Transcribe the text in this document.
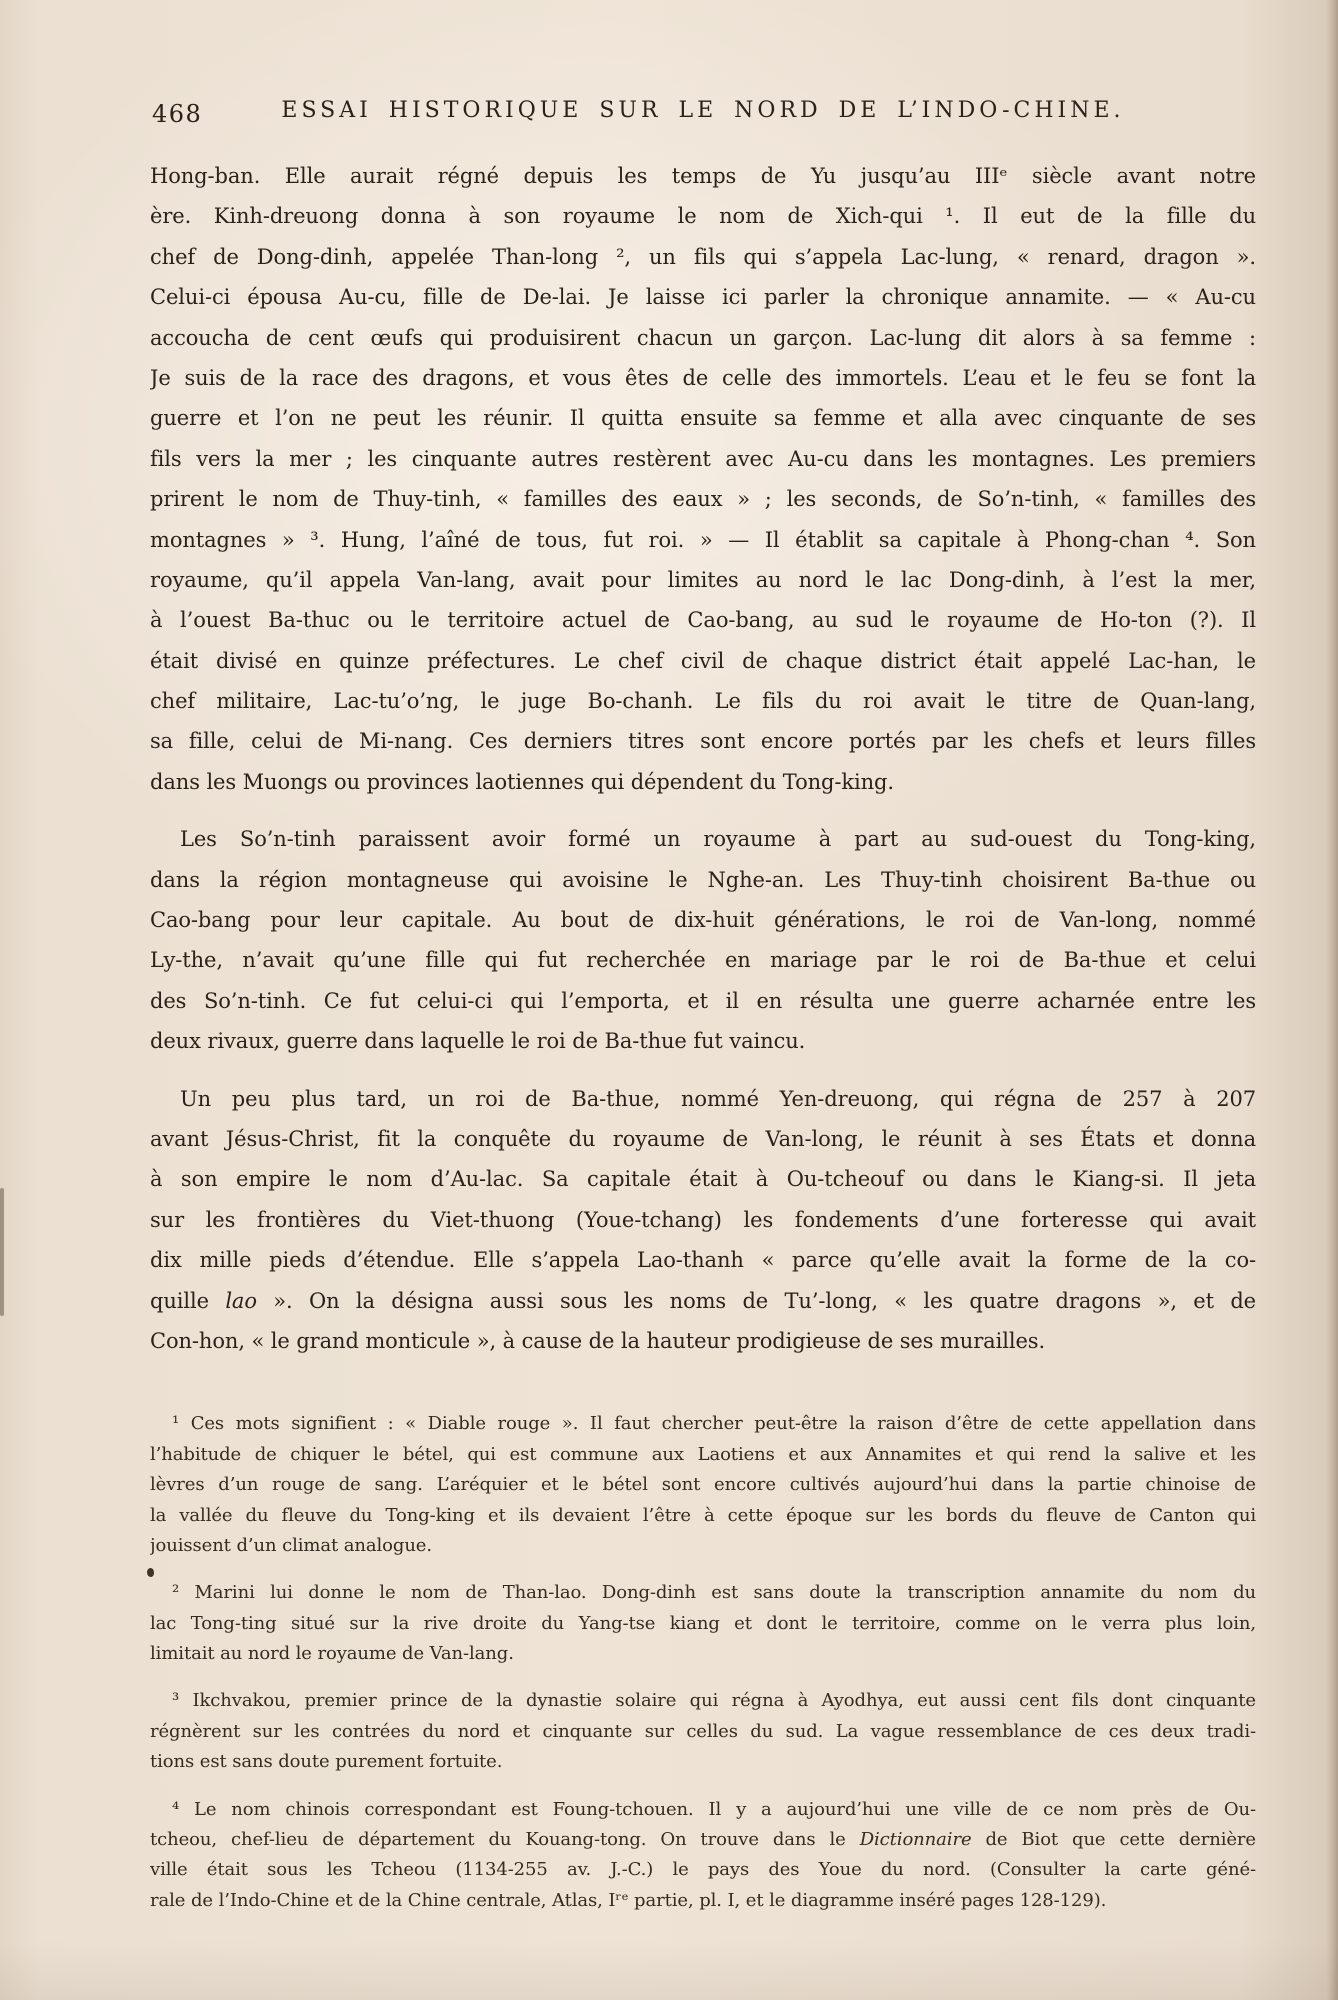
468	ESSAI HISTORIQUE SUR LE NORD DE L’INDO-CHINE.
Hong-ban. Elle aurait régné depuis les temps de Yu jusqu’au IIIᵉ siècle avant notre
ère. Kinh-dreuong donna à son royaume le nom de Xich-qui ¹. Il eut de la fille du
chef de Dong-dinh, appelée Than-long ², un fils qui s’appela Lac-lung, « renard, dragon ».
Celui-ci épousa Au-cu, fille de De-lai. Je laisse ici parler la chronique annamite. — « Au-cu
accoucha de cent œufs qui produisirent chacun un garçon. Lac-lung dit alors à sa femme :
Je suis de la race des dragons, et vous êtes de celle des immortels. L’eau et le feu se font la
guerre et l’on ne peut les réunir. Il quitta ensuite sa femme et alla avec cinquante de ses
fils vers la mer ; les cinquante autres restèrent avec Au-cu dans les montagnes. Les premiers
prirent le nom de Thuy-tinh, « familles des eaux » ; les seconds, de So’n-tinh, « familles des
montagnes » ³. Hung, l’aîné de tous, fut roi. » — Il établit sa capitale à Phong-chan ⁴. Son
royaume, qu’il appela Van-lang, avait pour limites au nord le lac Dong-dinh, à l’est la mer,
à l’ouest Ba-thuc ou le territoire actuel de Cao-bang, au sud le royaume de Ho-ton (?). Il
était divisé en quinze préfectures. Le chef civil de chaque district était appelé Lac-han, le
chef militaire, Lac-tu’o’ng, le juge Bo-chanh. Le fils du roi avait le titre de Quan-lang,
sa fille, celui de Mi-nang. Ces derniers titres sont encore portés par les chefs et leurs filles
dans les Muongs ou provinces laotiennes qui dépendent du Tong-king.
Les So’n-tinh paraissent avoir formé un royaume à part au sud-ouest du Tong-king,
dans la région montagneuse qui avoisine le Nghe-an. Les Thuy-tinh choisirent Ba-thue ou
Cao-bang pour leur capitale. Au bout de dix-huit générations, le roi de Van-long, nommé
Ly-the, n’avait qu’une fille qui fut recherchée en mariage par le roi de Ba-thue et celui
des So’n-tinh. Ce fut celui-ci qui l’emporta, et il en résulta une guerre acharnée entre les
deux rivaux, guerre dans laquelle le roi de Ba-thue fut vaincu.
Un peu plus tard, un roi de Ba-thue, nommé Yen-dreuong, qui régna de 257 à 207
avant Jésus-Christ, fit la conquête du royaume de Van-long, le réunit à ses États et donna
à son empire le nom d’Au-lac. Sa capitale était à Ou-tcheouf ou dans le Kiang-si. Il jeta
sur les frontières du Viet-thuong (Youe-tchang) les fondements d’une forteresse qui avait
dix mille pieds d’étendue. Elle s’appela Lao-thanh « parce qu’elle avait la forme de la co-
quille lao ». On la désigna aussi sous les noms de Tu’-long, « les quatre dragons », et de
Con-hon, « le grand monticule », à cause de la hauteur prodigieuse de ses murailles.
¹ Ces mots signifient : « Diable rouge ». Il faut chercher peut-être la raison d’être de cette appellation dans
l’habitude de chiquer le bétel, qui est commune aux Laotiens et aux Annamites et qui rend la salive et les
lèvres d’un rouge de sang. L’aréquier et le bétel sont encore cultivés aujourd’hui dans la partie chinoise de
la vallée du fleuve du Tong-king et ils devaient l’être à cette époque sur les bords du fleuve de Canton qui
jouissent d’un climat analogue.
² Marini lui donne le nom de Than-lao. Dong-dinh est sans doute la transcription annamite du nom du
lac Tong-ting situé sur la rive droite du Yang-tse kiang et dont le territoire, comme on le verra plus loin,
limitait au nord le royaume de Van-lang.
³ Ikchvakou, premier prince de la dynastie solaire qui régna à Ayodhya, eut aussi cent fils dont cinquante
régnèrent sur les contrées du nord et cinquante sur celles du sud. La vague ressemblance de ces deux tradi-
tions est sans doute purement fortuite.
⁴ Le nom chinois correspondant est Foung-tchouen. Il y a aujourd’hui une ville de ce nom près de Ou-
tcheou, chef-lieu de département du Kouang-tong. On trouve dans le Dictionnaire de Biot que cette dernière
ville était sous les Tcheou (1134-255 av. J.-C.) le pays des Youe du nord. (Consulter la carte géné-
rale de l’Indo-Chine et de la Chine centrale, Atlas, Iʳᵉ partie, pl. I, et le diagramme inséré pages 128-129).
